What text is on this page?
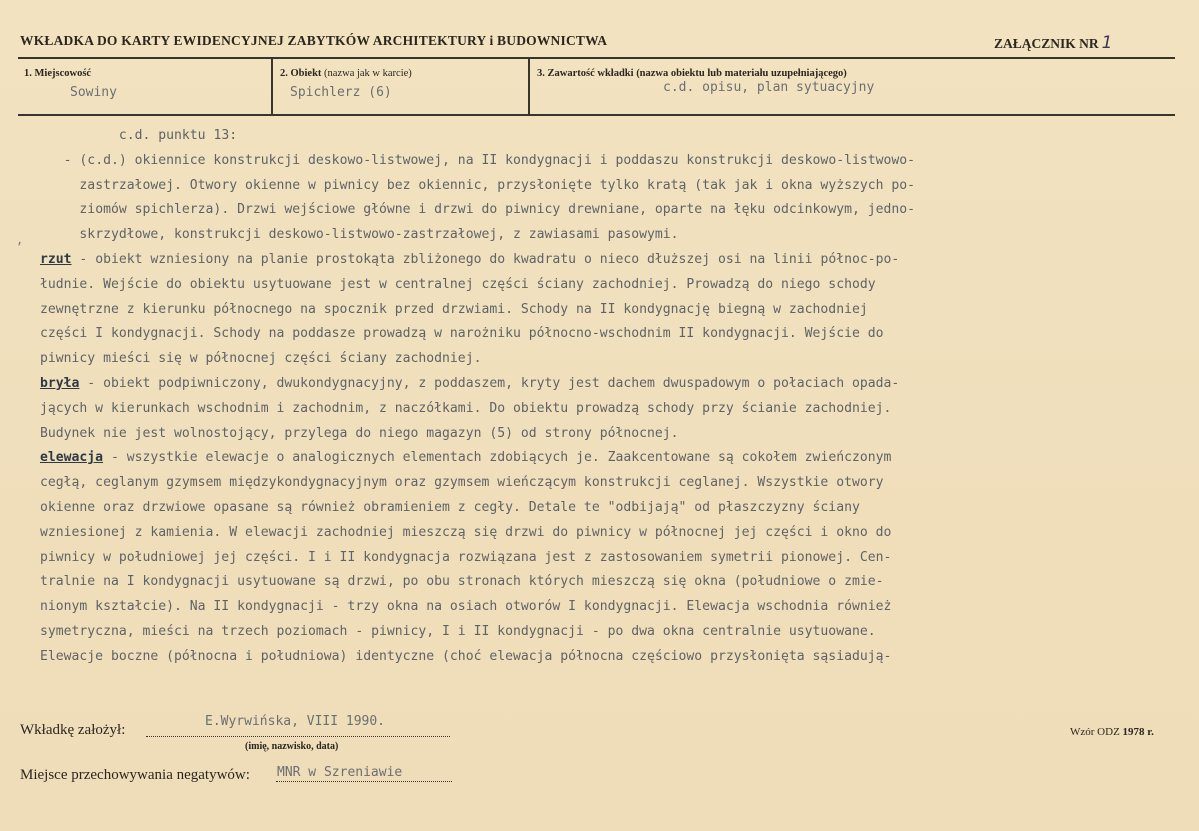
WKŁADKA DO KARTY EWIDENCYJNEJ ZABYTKÓW ARCHITEKTURY i BUDOWNICTWA	ZAŁĄCZNIK NR 1
1. Miejscowość	2. Obiekt (nazwa jak w karcie)	3. Zawartość wkładki (nazwa obiektu lub materiału uzupełniającego)
Sowiny	Spichlerz (6)	c.d. opisu, plan sytuacyjny
c.d. punktu 13:
- (c.d.) okiennice konstrukcji deskowo-listwowej, na II kondygnacji i poddaszu konstrukcji deskowo-listwowo-
zastrzałowej. Otwory okienne w piwnicy bez okiennic, przysłonięte tylko kratą (tak jak i okna wyższych po-
ziomów spichlerza). Drzwi wejściowe główne i drzwi do piwnicy drewniane, oparte na łęku odcinkowym, jedno-
skrzydłowe, konstrukcji deskowo-listwowo-zastrzałowej, z zawiasami pasowymi.
rzut - obiekt wzniesiony na planie prostokąta zbliżonego do kwadratu o nieco dłuższej osi na linii północ-po-
łudnie. Wejście do obiektu usytuowane jest w centralnej części ściany zachodniej. Prowadzą do niego schody
zewnętrzne z kierunku północnego na spocznik przed drzwiami. Schody na II kondygnację biegną w zachodniej
części I kondygnacji. Schody na poddasze prowadzą w narożniku północno-wschodnim II kondygnacji. Wejście do
piwnicy mieści się w północnej części ściany zachodniej.
bryła - obiekt podpiwniczony, dwukondygnacyjny, z poddaszem, kryty jest dachem dwuspadowym o połaciach opada-
jących w kierunkach wschodnim i zachodnim, z naczółkami. Do obiektu prowadzą schody przy ścianie zachodniej.
Budynek nie jest wolnostojący, przylega do niego magazyn (5) od strony północnej.
elewacja - wszystkie elewacje o analogicznych elementach zdobiących je. Zaakcentowane są cokołem zwieńczonym
cegłą, ceglanym gzymsem międzykondygnacyjnym oraz gzymsem wieńczącym konstrukcji ceglanej. Wszystkie otwory
okienne oraz drzwiowe opasane są również obramieniem z cegły. Detale te "odbijają" od płaszczyzny ściany
wzniesionej z kamienia. W elewacji zachodniej mieszczą się drzwi do piwnicy w północnej jej części i okno do
piwnicy w południowej jej części. I i II kondygnacja rozwiązana jest z zastosowaniem symetrii pionowej. Cen-
tralnie na I kondygnacji usytuowane są drzwi, po obu stronach których mieszczą się okna (południowe o zmie-
nionym kształcie). Na II kondygnacji - trzy okna na osiach otworów I kondygnacji. Elewacja wschodnia również
symetryczna, mieści na trzech poziomach - piwnicy, I i II kondygnacji - po dwa okna centralnie usytuowane.
Elewacje boczne (północna i południowa) identyczne (choć elewacja północna częściowo przysłonięta sąsiadują-
Wkładkę założył:
E.Wyrwińska, VIII 1990.
(imię, nazwisko, data)
Miejsce przechowywania negatywów: MNR w Szreniawie
Wzór ODZ 1978 r.
,
